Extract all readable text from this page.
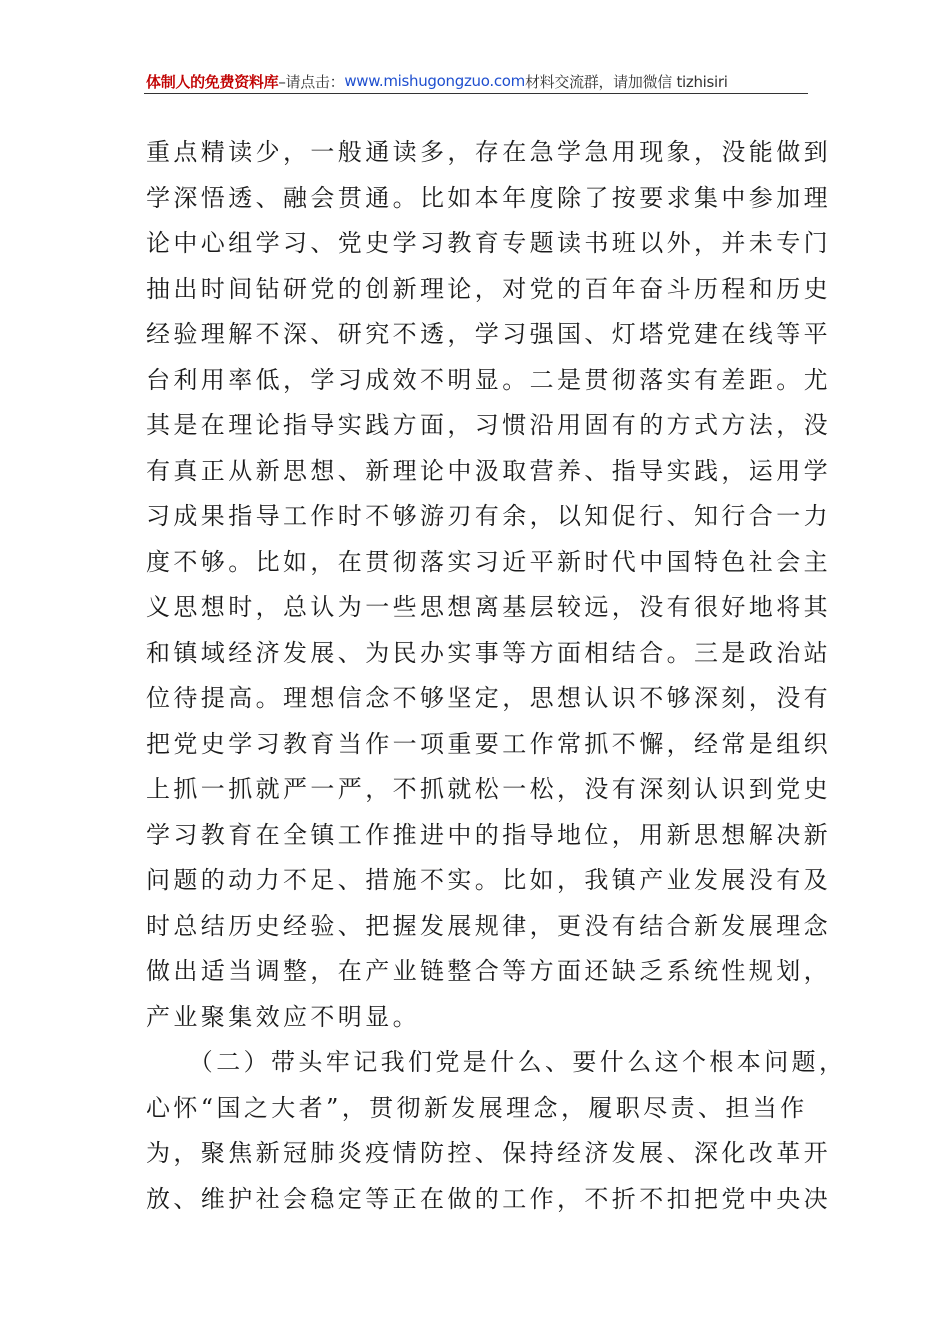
体制人的免费资料库 –请点击： www.mishugongzuo.com 材料交流群，请加微信 tizhisiri
重点精读少，一般通读多，存在急学急用现象，没能做到
学深悟透、融会贯通。比如本年度除了按要求集中参加理
论中心组学习、党史学习教育专题读书班以外，并未专门
抽出时间钻研党的创新理论，对党的百年奋斗历程和历史
经验理解不深、研究不透，学习强国、灯塔党建在线等平
台利用率低，学习成效不明显。二是贯彻落实有差距。尤
其是在理论指导实践方面，习惯沿用固有的方式方法，没
有真正从新思想、新理论中汲取营养、指导实践，运用学
习成果指导工作时不够游刃有余，以知促行、知行合一力
度不够。比如，在贯彻落实习近平新时代中国特色社会主
义思想时，总认为一些思想离基层较远，没有很好地将其
和镇域经济发展、为民办实事等方面相结合。三是政治站
位待提高。理想信念不够坚定，思想认识不够深刻，没有
把党史学习教育当作一项重要工作常抓不懈，经常是组织
上抓一抓就严一严，不抓就松一松，没有深刻认识到党史
学习教育在全镇工作推进中的指导地位，用新思想解决新
问题的动力不足、措施不实。比如，我镇产业发展没有及
时总结历史经验、把握发展规律，更没有结合新发展理念
做出适当调整，在产业链整合等方面还缺乏系统性规划，
产业聚集效应不明显。
　　（二）带头牢记我们党是什么、要什么这个根本问题，
心怀“国之大者”，贯彻新发展理念，履职尽责、担当作
为，聚焦新冠肺炎疫情防控、保持经济发展、深化改革开
放、维护社会稳定等正在做的工作，不折不扣把党中央决
